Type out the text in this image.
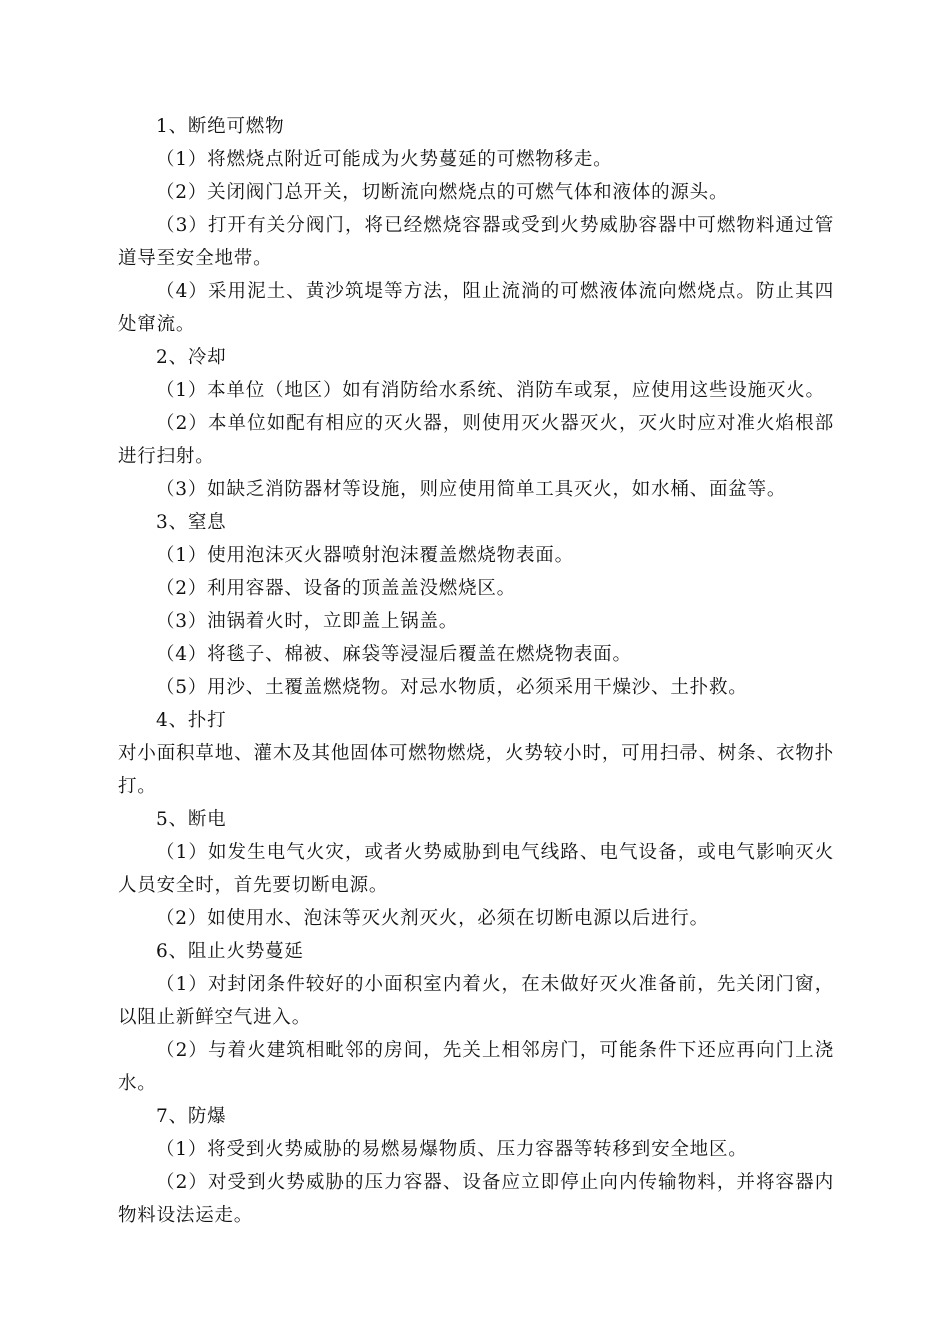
1、断绝可燃物

（1）将燃烧点附近可能成为火势蔓延的可燃物移走。

（2）关闭阀门总开关，切断流向燃烧点的可燃气体和液体的源头。

（3）打开有关分阀门，将已经燃烧容器或受到火势威胁容器中可燃物料通过管道导至安全地带。

（4）采用泥土、黄沙筑堤等方法，阻止流淌的可燃液体流向燃烧点。防止其四处窜流。

2、冷却

（1）本单位（地区）如有消防给水系统、消防车或泵，应使用这些设施灭火。

（2）本单位如配有相应的灭火器，则使用灭火器灭火，灭火时应对准火焰根部进行扫射。

（3）如缺乏消防器材等设施，则应使用简单工具灭火，如水桶、面盆等。

3、窒息

（1）使用泡沫灭火器喷射泡沫覆盖燃烧物表面。

（2）利用容器、设备的顶盖盖没燃烧区。

（3）油锅着火时，立即盖上锅盖。

（4）将毯子、棉被、麻袋等浸湿后覆盖在燃烧物表面。

（5）用沙、土覆盖燃烧物。对忌水物质，必须采用干燥沙、土扑救。

4、扑打

对小面积草地、灌木及其他固体可燃物燃烧，火势较小时，可用扫帚、树条、衣物扑打。

5、断电

（1）如发生电气火灾，或者火势威胁到电气线路、电气设备，或电气影响灭火人员安全时，首先要切断电源。

（2）如使用水、泡沫等灭火剂灭火，必须在切断电源以后进行。

6、阻止火势蔓延

（1）对封闭条件较好的小面积室内着火，在未做好灭火准备前，先关闭门窗，以阻止新鲜空气进入。

（2）与着火建筑相毗邻的房间，先关上相邻房门，可能条件下还应再向门上浇水。

7、防爆

（1）将受到火势威胁的易燃易爆物质、压力容器等转移到安全地区。

（2）对受到火势威胁的压力容器、设备应立即停止向内传输物料，并将容器内物料设法运走。
